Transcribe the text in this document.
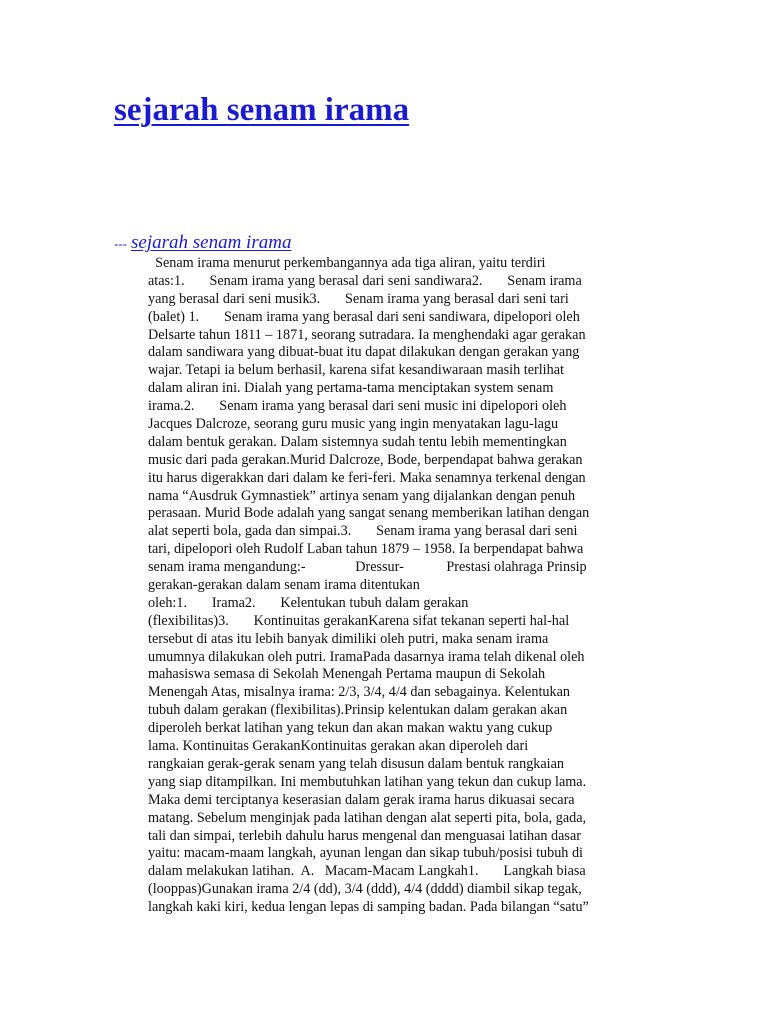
sejarah senam irama
--- sejarah senam irama
Senam irama menurut perkembangannya ada tiga aliran, yaitu terdiri
atas:1.       Senam irama yang berasal dari seni sandiwara2.       Senam irama
yang berasal dari seni musik3.       Senam irama yang berasal dari seni tari
(balet) 1.       Senam irama yang berasal dari seni sandiwara, dipelopori oleh
Delsarte tahun 1811 – 1871, seorang sutradara. Ia menghendaki agar gerakan
dalam sandiwara yang dibuat-buat itu dapat dilakukan dengan gerakan yang
wajar. Tetapi ia belum berhasil, karena sifat kesandiwaraan masih terlihat
dalam aliran ini. Dialah yang pertama-tama menciptakan system senam
irama.2.       Senam irama yang berasal dari seni music ini dipelopori oleh
Jacques Dalcroze, seorang guru music yang ingin menyatakan lagu-lagu
dalam bentuk gerakan. Dalam sistemnya sudah tentu lebih mementingkan
music dari pada gerakan.Murid Dalcroze, Bode, berpendapat bahwa gerakan
itu harus digerakkan dari dalam ke feri-feri. Maka senamnya terkenal dengan
nama “Ausdruk Gymnastiek” artinya senam yang dijalankan dengan penuh
perasaan. Murid Bode adalah yang sangat senang memberikan latihan dengan
alat seperti bola, gada dan simpai.3.       Senam irama yang berasal dari seni
tari, dipelopori oleh Rudolf Laban tahun 1879 – 1958. Ia berpendapat bahwa
senam irama mengandung:-              Dressur-            Prestasi olahraga Prinsip
gerakan-gerakan dalam senam irama ditentukan
oleh:1.       Irama2.       Kelentukan tubuh dalam gerakan
(flexibilitas)3.       Kontinuitas gerakanKarena sifat tekanan seperti hal-hal
tersebut di atas itu lebih banyak dimiliki oleh putri, maka senam irama
umumnya dilakukan oleh putri. IramaPada dasarnya irama telah dikenal oleh
mahasiswa semasa di Sekolah Menengah Pertama maupun di Sekolah
Menengah Atas, misalnya irama: 2/3, 3/4, 4/4 dan sebagainya. Kelentukan
tubuh dalam gerakan (flexibilitas).Prinsip kelentukan dalam gerakan akan
diperoleh berkat latihan yang tekun dan akan makan waktu yang cukup
lama. Kontinuitas GerakanKontinuitas gerakan akan diperoleh dari
rangkaian gerak-gerak senam yang telah disusun dalam bentuk rangkaian
yang siap ditampilkan. Ini membutuhkan latihan yang tekun dan cukup lama.
Maka demi terciptanya keserasian dalam gerak irama harus dikuasai secara
matang. Sebelum menginjak pada latihan dengan alat seperti pita, bola, gada,
tali dan simpai, terlebih dahulu harus mengenal dan menguasai latihan dasar
yaitu: macam-maam langkah, ayunan lengan dan sikap tubuh/posisi tubuh di
dalam melakukan latihan.  A.   Macam-Macam Langkah1.       Langkah biasa
(looppas)Gunakan irama 2/4 (dd), 3/4 (ddd), 4/4 (dddd) diambil sikap tegak,
langkah kaki kiri, kedua lengan lepas di samping badan. Pada bilangan “satu”
